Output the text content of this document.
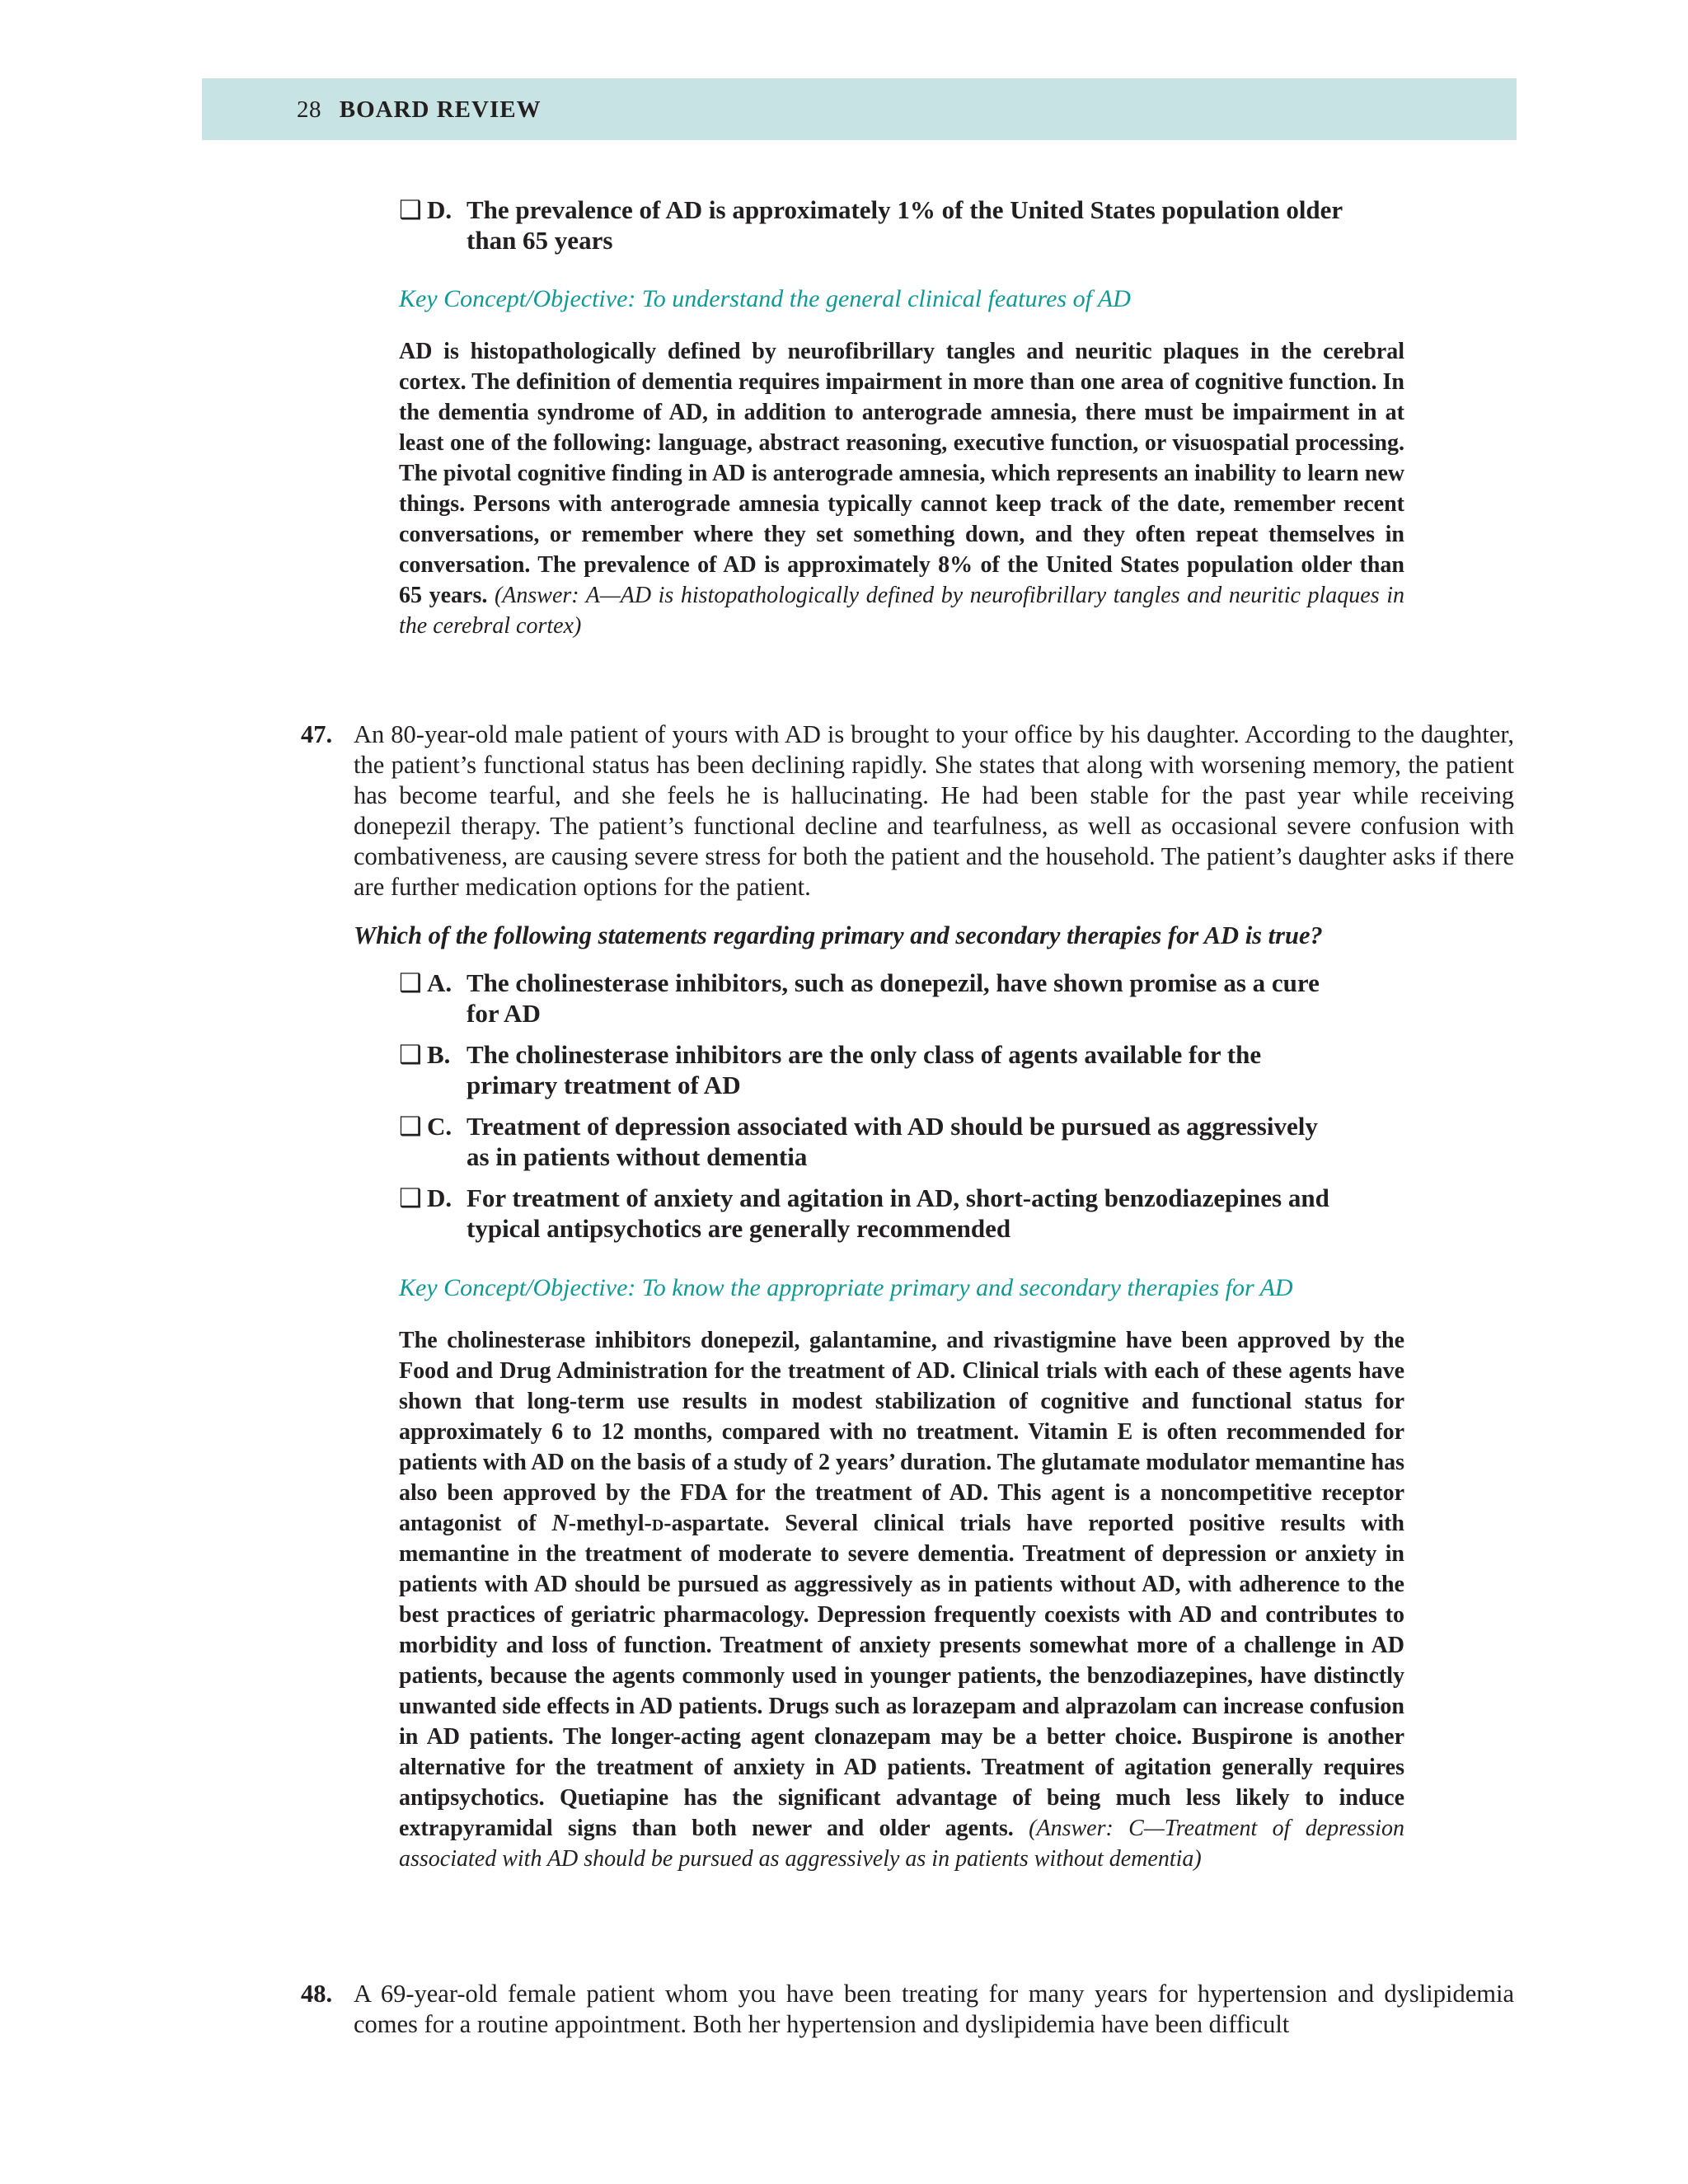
28 BOARD REVIEW
❑ D. The prevalence of AD is approximately 1% of the United States population older than 65 years
Key Concept/Objective: To understand the general clinical features of AD
AD is histopathologically defined by neurofibrillary tangles and neuritic plaques in the cerebral cortex. The definition of dementia requires impairment in more than one area of cognitive function. In the dementia syndrome of AD, in addition to anterograde amnesia, there must be impairment in at least one of the following: language, abstract reasoning, executive function, or visuospatial processing. The pivotal cognitive finding in AD is anterograde amnesia, which represents an inability to learn new things. Persons with anterograde amnesia typically cannot keep track of the date, remember recent conversations, or remember where they set something down, and they often repeat themselves in conversation. The prevalence of AD is approximately 8% of the United States population older than 65 years. (Answer: A—AD is histopathologically defined by neurofibrillary tangles and neuritic plaques in the cerebral cortex)
47. An 80-year-old male patient of yours with AD is brought to your office by his daughter. According to the daughter, the patient’s functional status has been declining rapidly. She states that along with worsening memory, the patient has become tearful, and she feels he is hallucinating. He had been stable for the past year while receiving donepezil therapy. The patient’s functional decline and tearfulness, as well as occasional severe confusion with combativeness, are causing severe stress for both the patient and the household. The patient’s daughter asks if there are further medication options for the patient.
Which of the following statements regarding primary and secondary therapies for AD is true?
❑ A. The cholinesterase inhibitors, such as donepezil, have shown promise as a cure for AD
❑ B. The cholinesterase inhibitors are the only class of agents available for the primary treatment of AD
❑ C. Treatment of depression associated with AD should be pursued as aggressively as in patients without dementia
❑ D. For treatment of anxiety and agitation in AD, short-acting benzodiazepines and typical antipsychotics are generally recommended
Key Concept/Objective: To know the appropriate primary and secondary therapies for AD
The cholinesterase inhibitors donepezil, galantamine, and rivastigmine have been approved by the Food and Drug Administration for the treatment of AD. Clinical trials with each of these agents have shown that long-term use results in modest stabilization of cognitive and functional status for approximately 6 to 12 months, compared with no treatment. Vitamin E is often recommended for patients with AD on the basis of a study of 2 years’ duration. The glutamate modulator memantine has also been approved by the FDA for the treatment of AD. This agent is a noncompetitive receptor antagonist of N-methyl-d-aspartate. Several clinical trials have reported positive results with memantine in the treatment of moderate to severe dementia. Treatment of depression or anxiety in patients with AD should be pursued as aggressively as in patients without AD, with adherence to the best practices of geriatric pharmacology. Depression frequently coexists with AD and contributes to morbidity and loss of function. Treatment of anxiety presents somewhat more of a challenge in AD patients, because the agents commonly used in younger patients, the benzodiazepines, have distinctly unwanted side effects in AD patients. Drugs such as lorazepam and alprazolam can increase confusion in AD patients. The longer-acting agent clonazepam may be a better choice. Buspirone is another alternative for the treatment of anxiety in AD patients. Treatment of agitation generally requires antipsychotics. Quetiapine has the significant advantage of being much less likely to induce extrapyramidal signs than both newer and older agents. (Answer: C—Treatment of depression associated with AD should be pursued as aggressively as in patients without dementia)
48. A 69-year-old female patient whom you have been treating for many years for hypertension and dyslipidemia comes for a routine appointment. Both her hypertension and dyslipidemia have been difficult
